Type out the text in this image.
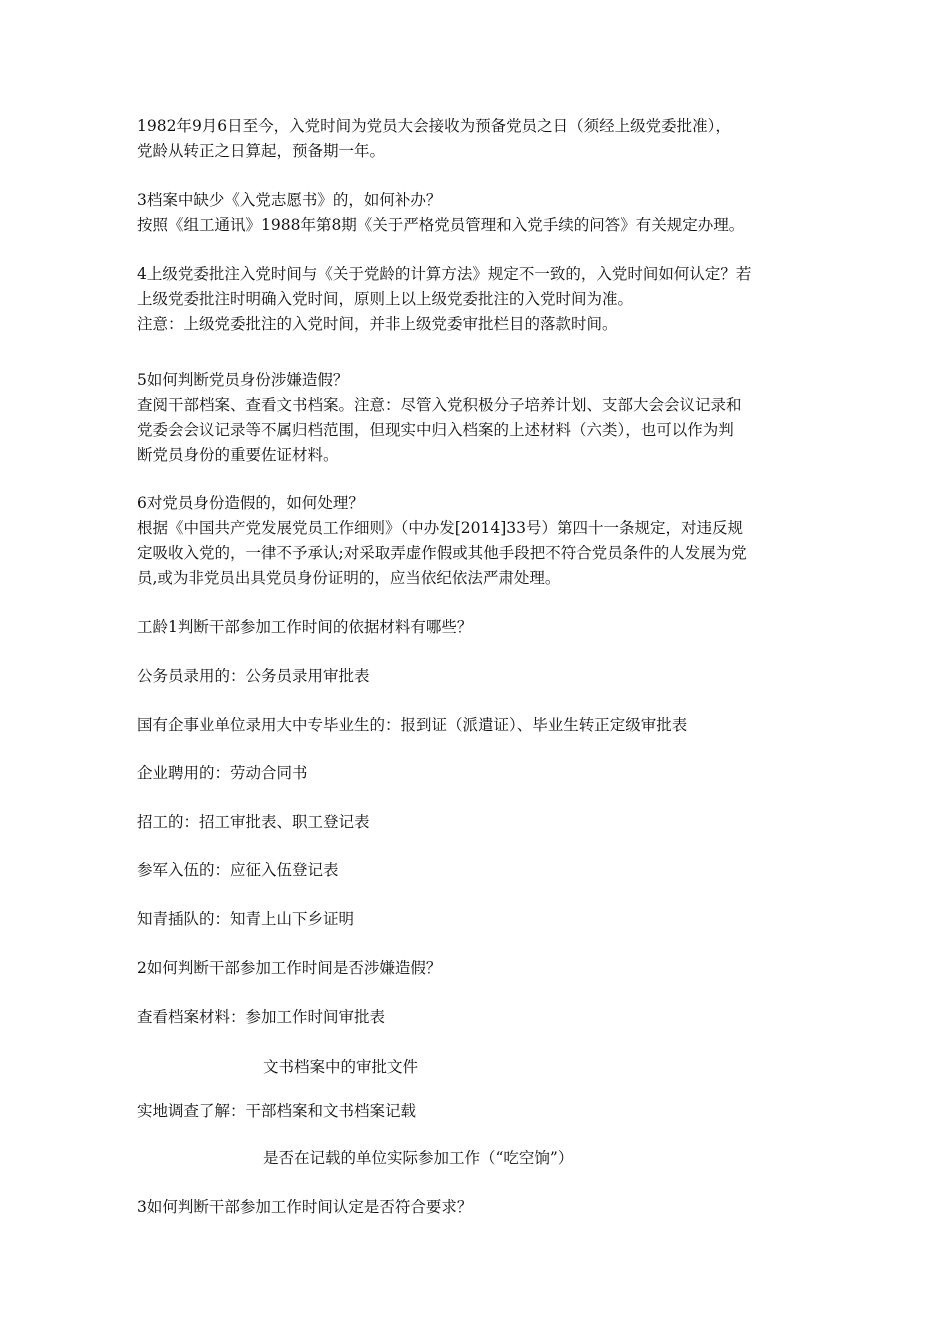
1982年9月6日至今，入党时间为党员大会接收为预备党员之日（须经上级党委批准），
党龄从转正之日算起，预备期一年。
3档案中缺少《入党志愿书》的，如何补办？
按照《组工通讯》1988年第8期《关于严格党员管理和入党手续的问答》有关规定办理。
4上级党委批注入党时间与《关于党龄的计算方法》规定不一致的，入党时间如何认定？若
上级党委批注时明确入党时间，原则上以上级党委批注的入党时间为准。
注意：上级党委批注的入党时间，并非上级党委审批栏目的落款时间。
5如何判断党员身份涉嫌造假？
查阅干部档案、查看文书档案。注意：尽管入党积极分子培养计划、支部大会会议记录和
党委会会议记录等不属归档范围，但现实中归入档案的上述材料（六类），也可以作为判
断党员身份的重要佐证材料。
6对党员身份造假的，如何处理？
根据《中国共产党发展党员工作细则》（中办发[2014]33号）第四十一条规定，对违反规
定吸收入党的，一律不予承认;对采取弄虚作假或其他手段把不符合党员条件的人发展为党
员,或为非党员出具党员身份证明的，应当依纪依法严肃处理。
工龄1判断干部参加工作时间的依据材料有哪些？
公务员录用的：公务员录用审批表
国有企事业单位录用大中专毕业生的：报到证（派遣证）、毕业生转正定级审批表
企业聘用的：劳动合同书
招工的：招工审批表、职工登记表
参军入伍的：应征入伍登记表
知青插队的：知青上山下乡证明
2如何判断干部参加工作时间是否涉嫌造假？
查看档案材料：参加工作时间审批表
文书档案中的审批文件
实地调查了解：干部档案和文书档案记载
是否在记载的单位实际参加工作（“吃空饷”）
3如何判断干部参加工作时间认定是否符合要求？
